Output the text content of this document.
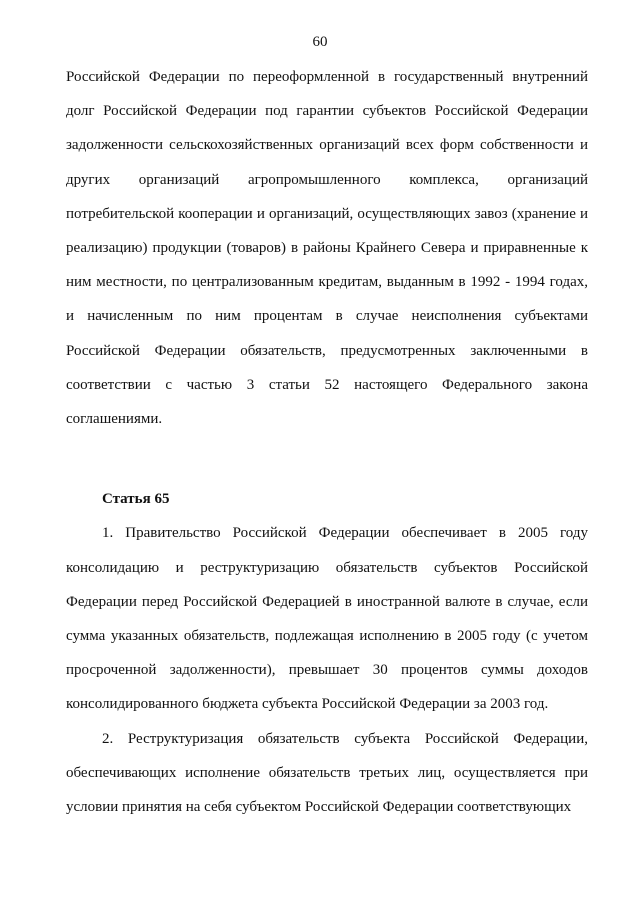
60

Российской Федерации по переоформленной в государственный внутренний долг Российской Федерации под гарантии субъектов Российской Федерации задолженности сельскохозяйственных организаций всех форм собственности и других организаций агропромышленного комплекса, организаций потребительской кооперации и организаций, осуществляющих завоз (хранение и реализацию) продукции (товаров) в районы Крайнего Севера и приравненные к ним местности, по централизованным кредитам, выданным в 1992 - 1994 годах, и начисленным по ним процентам в случае неисполнения субъектами Российской Федерации обязательств, предусмотренных заключенными в соответствии с частью 3 статьи 52 настоящего Федерального закона соглашениями.

Статья 65

1. Правительство Российской Федерации обеспечивает в 2005 году консолидацию и реструктуризацию обязательств субъектов Российской Федерации перед Российской Федерацией в иностранной валюте в случае, если сумма указанных обязательств, подлежащая исполнению в 2005 году (с учетом просроченной задолженности), превышает 30 процентов суммы доходов консолидированного бюджета субъекта Российской Федерации за 2003 год.

2. Реструктуризация обязательств субъекта Российской Федерации, обеспечивающих исполнение обязательств третьих лиц, осуществляется при условии принятия на себя субъектом Российской Федерации соответствующих
